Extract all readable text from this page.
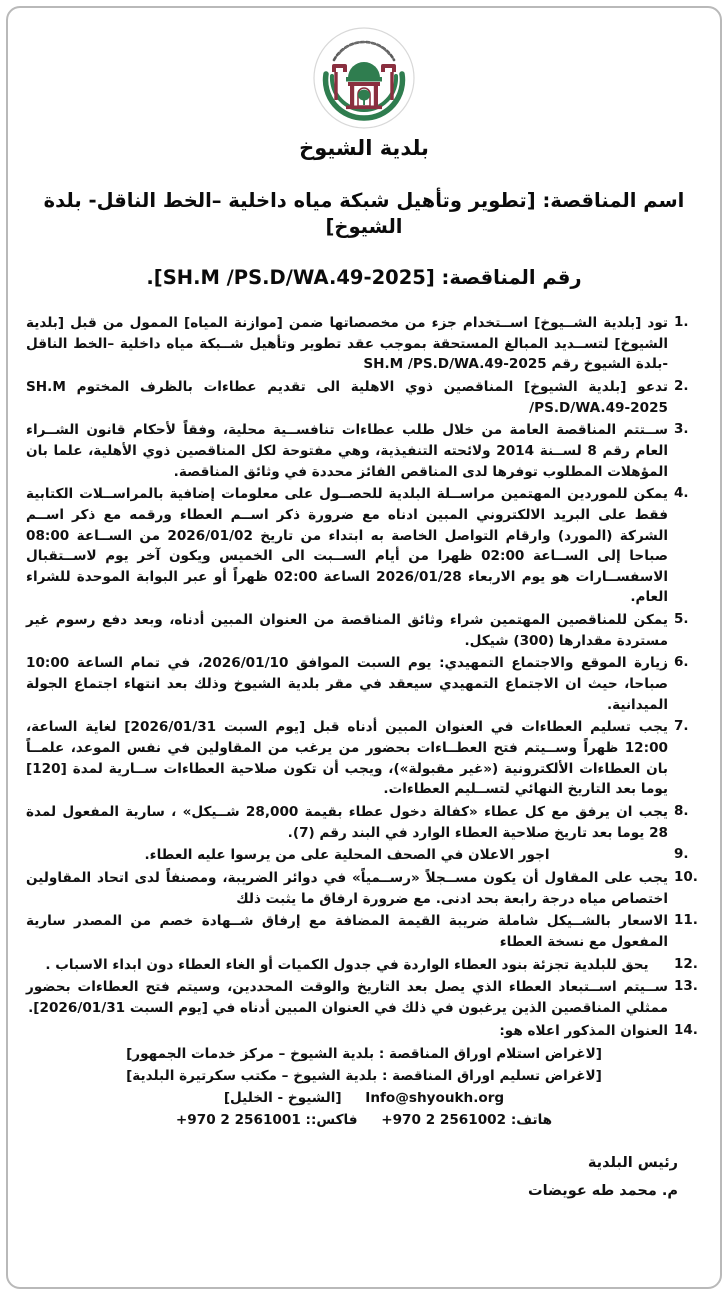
بلدية الشيوخ
اسم المناقصة: [تطوير وتأهيل شبكة مياه داخلية –الخط الناقل- بلدة الشيوخ]
رقم المناقصة: [SH.M /PS.D/WA.49-2025].
1.
تود [بلدية الشــيوخ] اســتخدام جزء من مخصصاتها ضمن [موازنة المياه] الممول من قبل [بلدية الشيوخ] لتســديد المبالغ المستحقة بموجب عقد تطوير وتأهيل شــبكة مياه داخلية –الخط الناقل -بلدة الشيوخ رقم SH.M /PS.D/WA.49-2025
2.
تدعو [بلدية الشيوخ] المناقصين ذوي الاهلية الى تقديم عطاءات بالظرف المختوم SH.M /PS.D/WA.49-2025
3.
ســتتم المناقصة العامة من خلال طلب عطاءات تنافســية محلية، وفقاً لأحكام قانون الشــراء العام رقم 8 لســنة 2014 ولائحته التنفيذية، وهي مفتوحة لكل المناقصين ذوي الأهلية، علما بان المؤهلات المطلوب توفرها لدى المناقص الفائز محددة في وثائق المناقصة.
4.
يمكن للموردين المهتمين مراســلة البلدية للحصــول على معلومات إضافية بالمراســلات الكتابية فقط على البريد الالكتروني المبين ادناه مع ضرورة ذكر اســم العطاء ورقمه مع ذكر اســم الشركة (المورد) وارقام التواصل الخاصة به ابتداء من تاريخ 2026/01/02 من الســاعة 08:00 صباحا إلى الســاعة 02:00 ظهرا من أيام الســبت الى الخميس ويكون آخر يوم لاســتقبال الاسفســارات هو يوم الاربعاء 2026/01/28 الساعة 02:00 ظهراً أو عبر البوابة الموحدة للشراء العام.
5.
يمكن للمناقصين المهتمين شراء وثائق المناقصة من العنوان المبين أدناه، وبعد دفع رسوم غير مستردة مقدارها (300) شيكل.
6.
زيارة الموقع والاجتماع التمهيدي: يوم السبت الموافق 2026/01/10، في تمام الساعة 10:00 صباحا، حيث ان الاجتماع التمهيدي سيعقد في مقر بلدية الشيوخ وذلك بعد انتهاء اجتماع الجولة الميدانية.
7.
يجب تسليم العطاءات في العنوان المبين أدناه قبل [يوم السبت 2026/01/31] لغاية الساعة، 12:00 ظهراً وســيتم فتح العطــاءات بحضور من يرغب من المقاولين في نفس الموعد، علمــاً بان العطاءات الألكترونية («غير مقبولة»)، ويجب أن تكون صلاحية العطاءات ســارية لمدة [120] يوما بعد التاريخ النهائي لتســليم العطاءات.
8.
يجب ان يرفق مع كل عطاء «كفالة دخول عطاء بقيمة 28,000 شــيكل» ، سارية المفعول لمدة 28 يوما بعد تاريخ صلاحية العطاء الوارد في البند رقم (7).
9.
اجور الاعلان في الصحف المحلية على من يرسوا عليه العطاء.
10.
يجب على المقاول أن يكون مســجلاً «رســمياً» في دوائر الضريبة، ومصنفاً لدى اتحاد المقاولين اختصاص مياه درجة رابعة بحد ادنى. مع ضرورة ارفاق ما يثبت ذلك
11.
الاسعار بالشــيكل شاملة ضريبة القيمة المضافة مع إرفاق شــهادة خصم من المصدر سارية المفعول مع نسخة العطاء
12.
يحق للبلدية تجزئة بنود العطاء الواردة في جدول الكميات أو الغاء العطاء دون ابداء الاسباب .
13.
ســيتم اســتبعاد العطاء الذي يصل بعد التاريخ والوقت المحددين، وسيتم فتح العطاءات بحضور ممثلي المناقصين الذين يرغبون في ذلك في العنوان المبين أدناه في [يوم السبت 2026/01/31].
14.
العنوان المذكور اعلاه هو:
[لاغراض استلام اوراق المناقصة : بلدية الشيوخ – مركز خدمات الجمهور]
[لاغراض تسليم اوراق المناقصة : بلدية الشيوخ – مكتب سكرتيرة البلدية]
Info@shyoukh.org     [الشيوخ - الخليل]
هاتف: +970 2 2561002     فاكس:: +970 2 2561001
رئيس البلدية
م. محمد طه عويضات
